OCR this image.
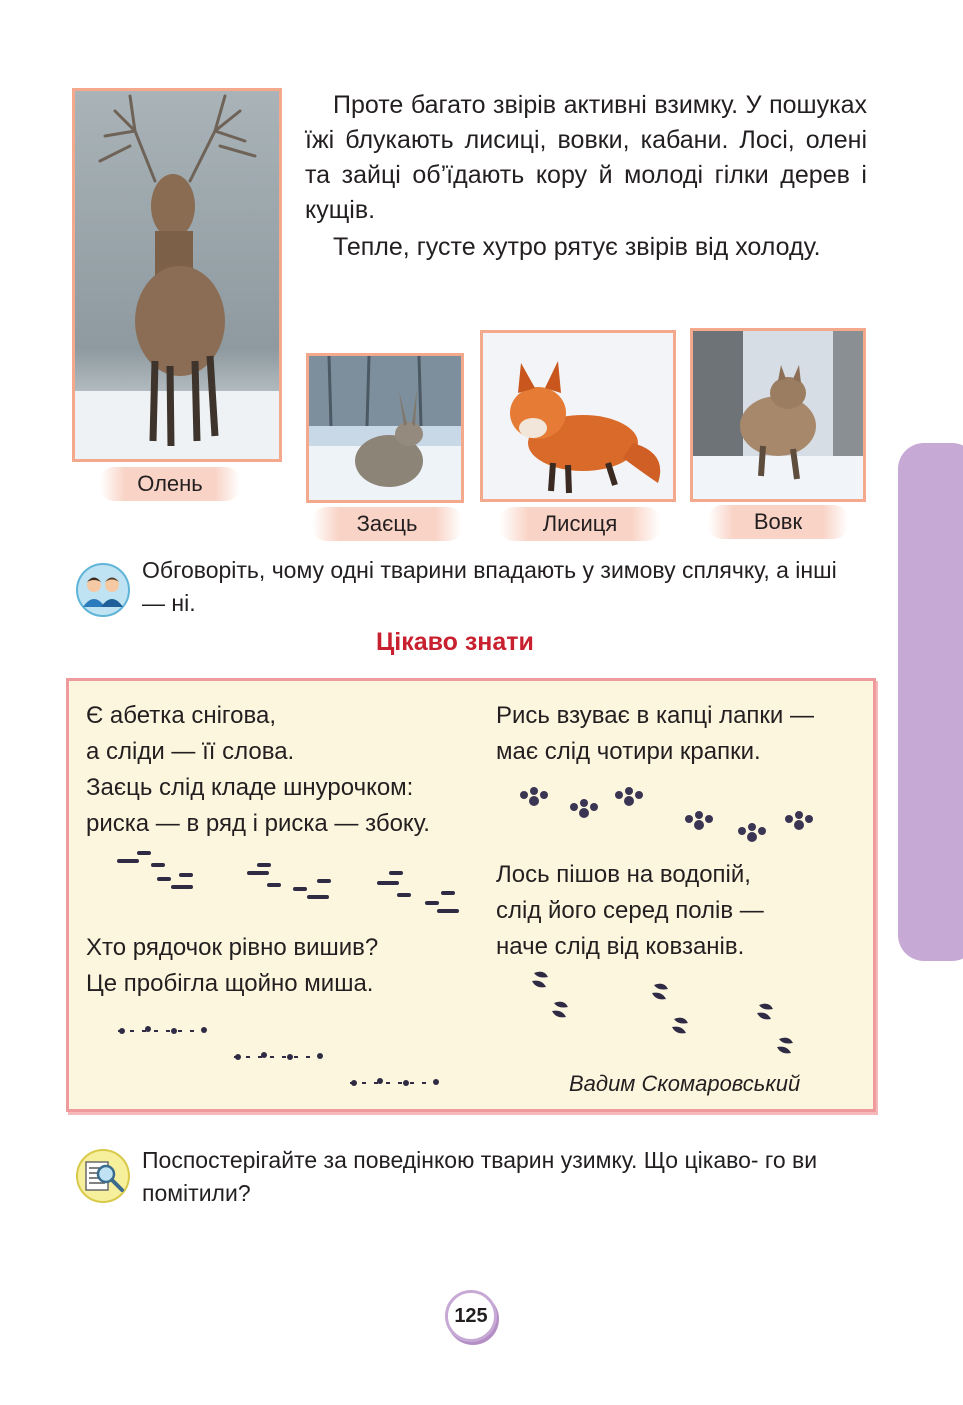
Олень

Проте багато звірів активні взимку. У пошуках їжі блукають лисиці, вовки, кабани. Лосі, олені та зайці об’їдають кору й молоді гілки дерев і кущів.

Тепле, густе хутро рятує звірів від холоду.

Заєць	Лисиця	Вовк
Обговоріть, чому одні тварини впадають у зимову сплячку, а інші — ні.
Цікаво знати
Є абетка снігова,
а сліди — її слова.
Заєць слід кладе шнурочком:
риска — в ряд і риска — збоку.
Хто рядочок рівно вишив?
Це пробігла щойно миша.
Рись взуває в капці лапки —
має слід чотири крапки.
Лось пішов на водопій,
слід його серед полів —
наче слід від ковзанів.
Вадим Скомаровський
Поспостерігайте за поведінкою тварин узимку. Що цікаво- го ви помітили?
125
